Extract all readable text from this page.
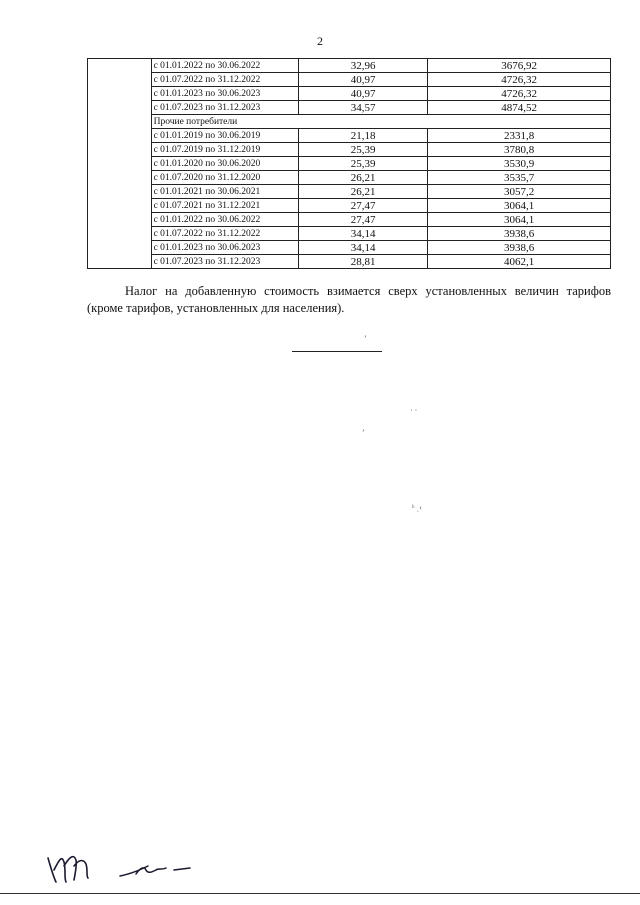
2
	с 01.01.2022 по 30.06.2022	32,96	3676,92
	с 01.07.2022 по 31.12.2022	40,97	4726,32
	с 01.01.2023 по 30.06.2023	40,97	4726,32
	с 01.07.2023 по 31.12.2023	34,57	4874,52
	Прочие потребители		
	с 01.01.2019 по 30.06.2019	21,18	2331,8
	с 01.07.2019 по 31.12.2019	25,39	3780,8
	с 01.01.2020 по 30.06.2020	25,39	3530,9
	с 01.07.2020 по 31.12.2020	26,21	3535,7
	с 01.01.2021 по 30.06.2021	26,21	3057,2
	с 01.07.2021 по 31.12.2021	27,47	3064,1
	с 01.01.2022 по 30.06.2022	27,47	3064,1
	с 01.07.2022 по 31.12.2022	34,14	3938,6
	с 01.01.2023 по 30.06.2023	34,14	3938,6
	с 01.07.2023 по 31.12.2023	28,81	4062,1

Налог на добавленную стоимость взимается сверх установленных величин тарифов (кроме тарифов, установленных для населения).

ʼ
· ·
ʼ
ʰ ˌ‹
